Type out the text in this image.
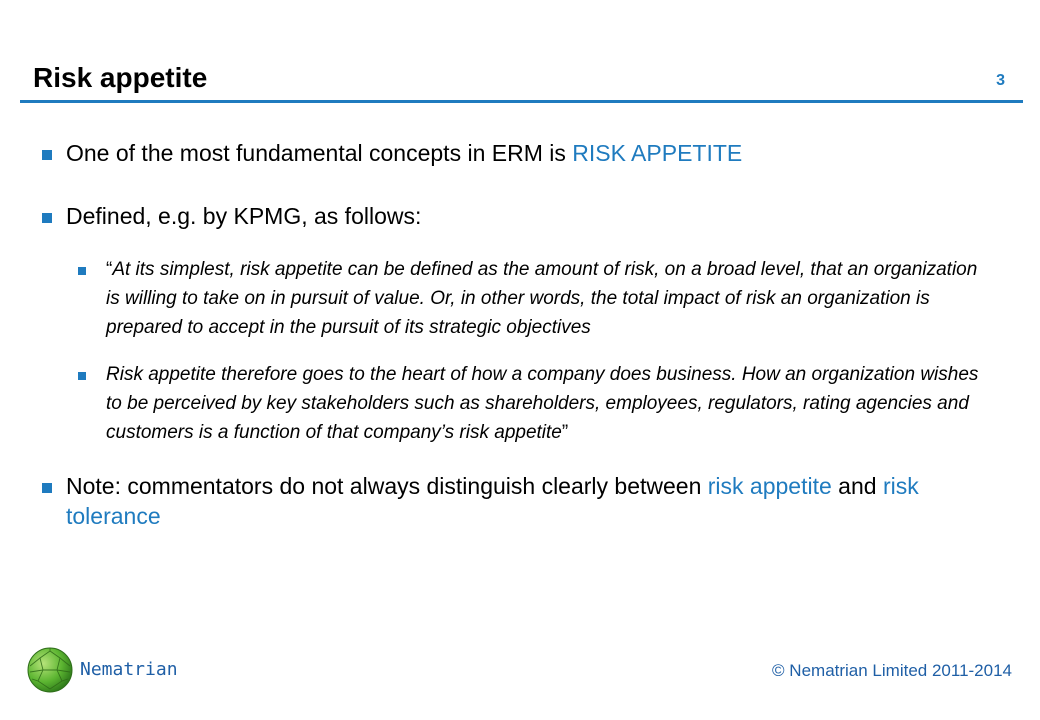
Risk appetite	3
One of the most fundamental concepts in ERM is RISK APPETITE
Defined, e.g. by KPMG, as follows:
“At its simplest, risk appetite can be defined as the amount of risk, on a broad level, that an organization is willing to take on in pursuit of value. Or, in other words, the total impact of risk an organization is prepared to accept in the pursuit of its strategic objectives
Risk appetite therefore goes to the heart of how a company does business. How an organization wishes to be perceived by key stakeholders such as shareholders, employees, regulators, rating agencies and customers is a function of that company’s risk appetite”
Note: commentators do not always distinguish clearly between risk appetite and risk tolerance
Nematrian	© Nematrian Limited 2011-2014
